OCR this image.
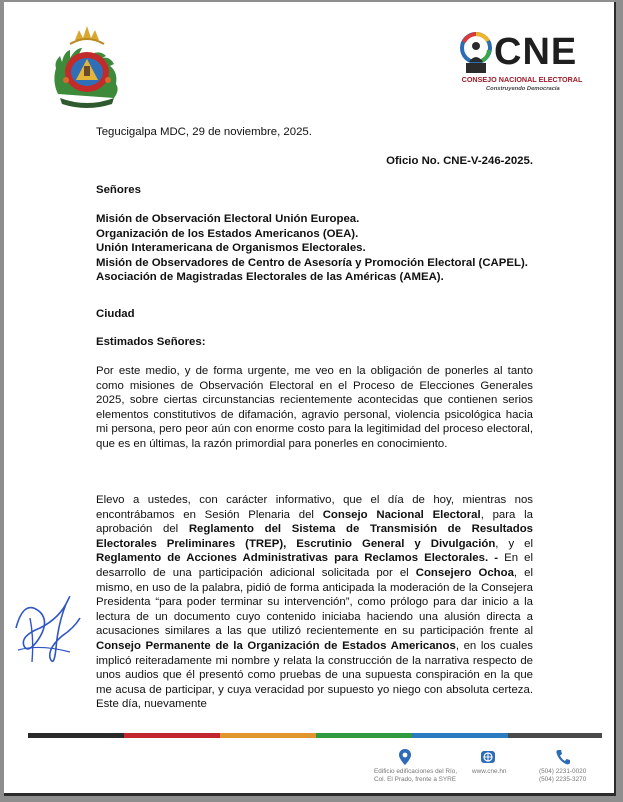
CNE
CONSEJO NACIONAL ELECTORAL
Construyendo Democracia
Tegucigalpa MDC, 29 de noviembre, 2025.
Oficio No. CNE-V-246-2025.
Señores
Misión de Observación Electoral Unión Europea.
Organización de los Estados Americanos (OEA).
Unión Interamericana de Organismos Electorales.
Misión de Observadores de Centro de Asesoría y Promoción Electoral (CAPEL).
Asociación de Magistradas Electorales de las Américas (AMEA).
Ciudad
Estimados Señores:
Por este medio, y de forma urgente, me veo en la obligación de ponerles al tanto como misiones de Observación Electoral en el Proceso de Elecciones Generales 2025, sobre ciertas circunstancias recientemente acontecidas que contienen serios elementos constitutivos de difamación, agravio personal, violencia psicológica hacia mi persona, pero peor aún con enorme costo para la legitimidad del proceso electoral, que es en últimas, la razón primordial para ponerles en conocimiento.
Elevo a ustedes, con carácter informativo, que el día de hoy, mientras nos encontrábamos en Sesión Plenaria del Consejo Nacional Electoral, para la aprobación del Reglamento del Sistema de Transmisión de Resultados Electorales Preliminares (TREP), Escrutinio General y Divulgación, y el Reglamento de Acciones Administrativas para Reclamos Electorales. - En el desarrollo de una participación adicional solicitada por el Consejero Ochoa, el mismo, en uso de la palabra, pidió de forma anticipada la moderación de la Consejera Presidenta “para poder terminar su intervención”, como prólogo para dar inicio a la lectura de un documento cuyo contenido iniciaba haciendo una alusión directa a acusaciones similares a las que utilizó recientemente en su participación frente al Consejo Permanente de la Organización de Estados Americanos, en los cuales implicó reiteradamente mi nombre y relata la construcción de la narrativa respecto de unos audios que él presentó como pruebas de una supuesta conspiración en la que me acusa de participar, y cuya veracidad por supuesto yo niego con absoluta certeza. Este día, nuevamente
Edificio edificaciones del Río,
Col. El Prado, frente a SYRE
www.cne.hn	(504) 2231-0020
(504) 2235-3270
